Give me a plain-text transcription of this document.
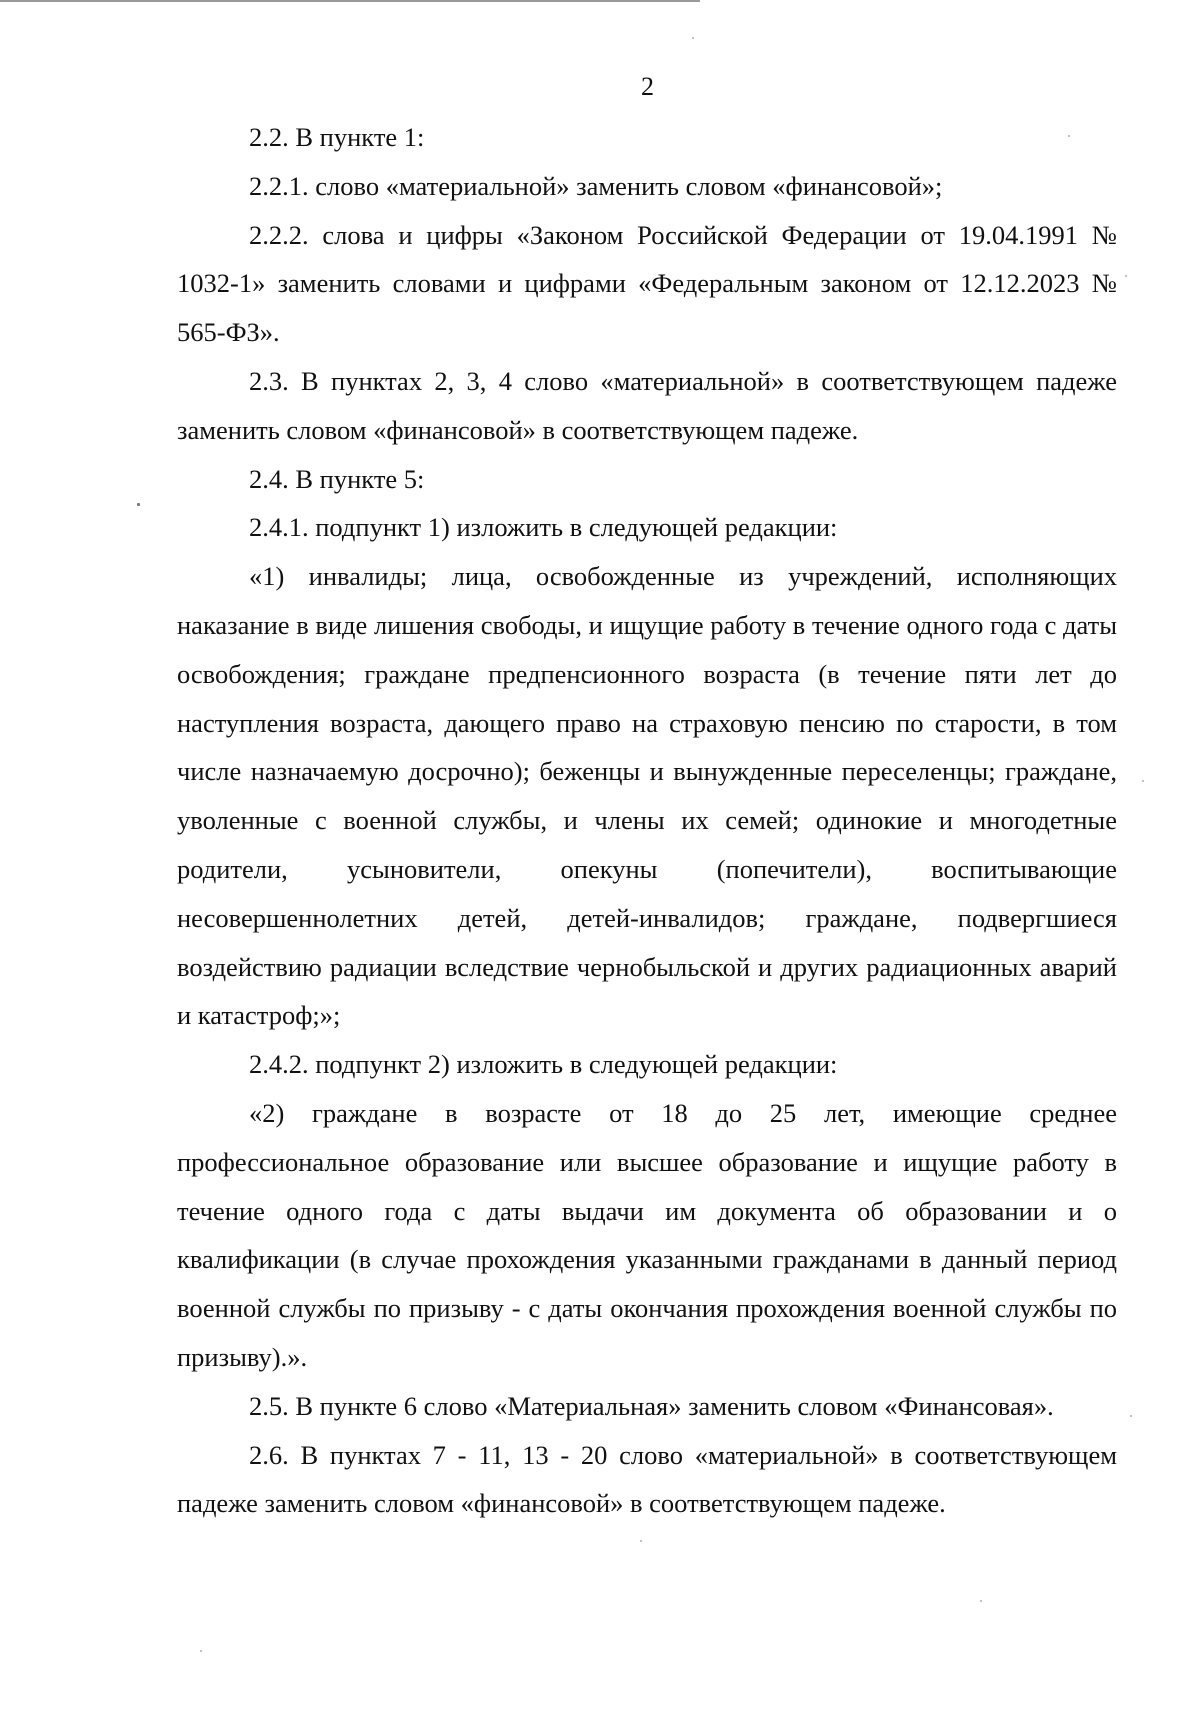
2

2.2. В пункте 1:

2.2.1. слово «материальной» заменить словом «финансовой»;

2.2.2. слова и цифры «Законом Российской Федерации от 19.04.1991 № 1032-1» заменить словами и цифрами «Федеральным законом от 12.12.2023 № 565-ФЗ».

2.3. В пунктах 2, 3, 4 слово «материальной» в соответствующем падеже заменить словом «финансовой» в соответствующем падеже.

2.4. В пункте 5:

2.4.1. подпункт 1) изложить в следующей редакции:

«1) инвалиды; лица, освобожденные из учреждений, исполняющих наказание в виде лишения свободы, и ищущие работу в течение одного года с даты освобождения; граждане предпенсионного возраста (в течение пяти лет до наступления возраста, дающего право на страховую пенсию по старости, в том числе назначаемую досрочно); беженцы и вынужденные переселенцы; граждане, уволенные с военной службы, и члены их семей; одинокие и многодетные родители, усыновители, опекуны (попечители), воспитывающие несовершеннолетних детей, детей-инвалидов; граждане, подвергшиеся воздействию радиации вследствие чернобыльской и других радиационных аварий и катастроф;»;

2.4.2. подпункт 2) изложить в следующей редакции:

«2) граждане в возрасте от 18 до 25 лет, имеющие среднее профессиональное образование или высшее образование и ищущие работу в течение одного года с даты выдачи им документа об образовании и о квалификации (в случае прохождения указанными гражданами в данный период военной службы по призыву - с даты окончания прохождения военной службы по призыву).».

2.5. В пункте 6 слово «Материальная» заменить словом «Финансовая».

2.6. В пунктах 7 - 11, 13 - 20 слово «материальной» в соответствующем падеже заменить словом «финансовой» в соответствующем падеже.
